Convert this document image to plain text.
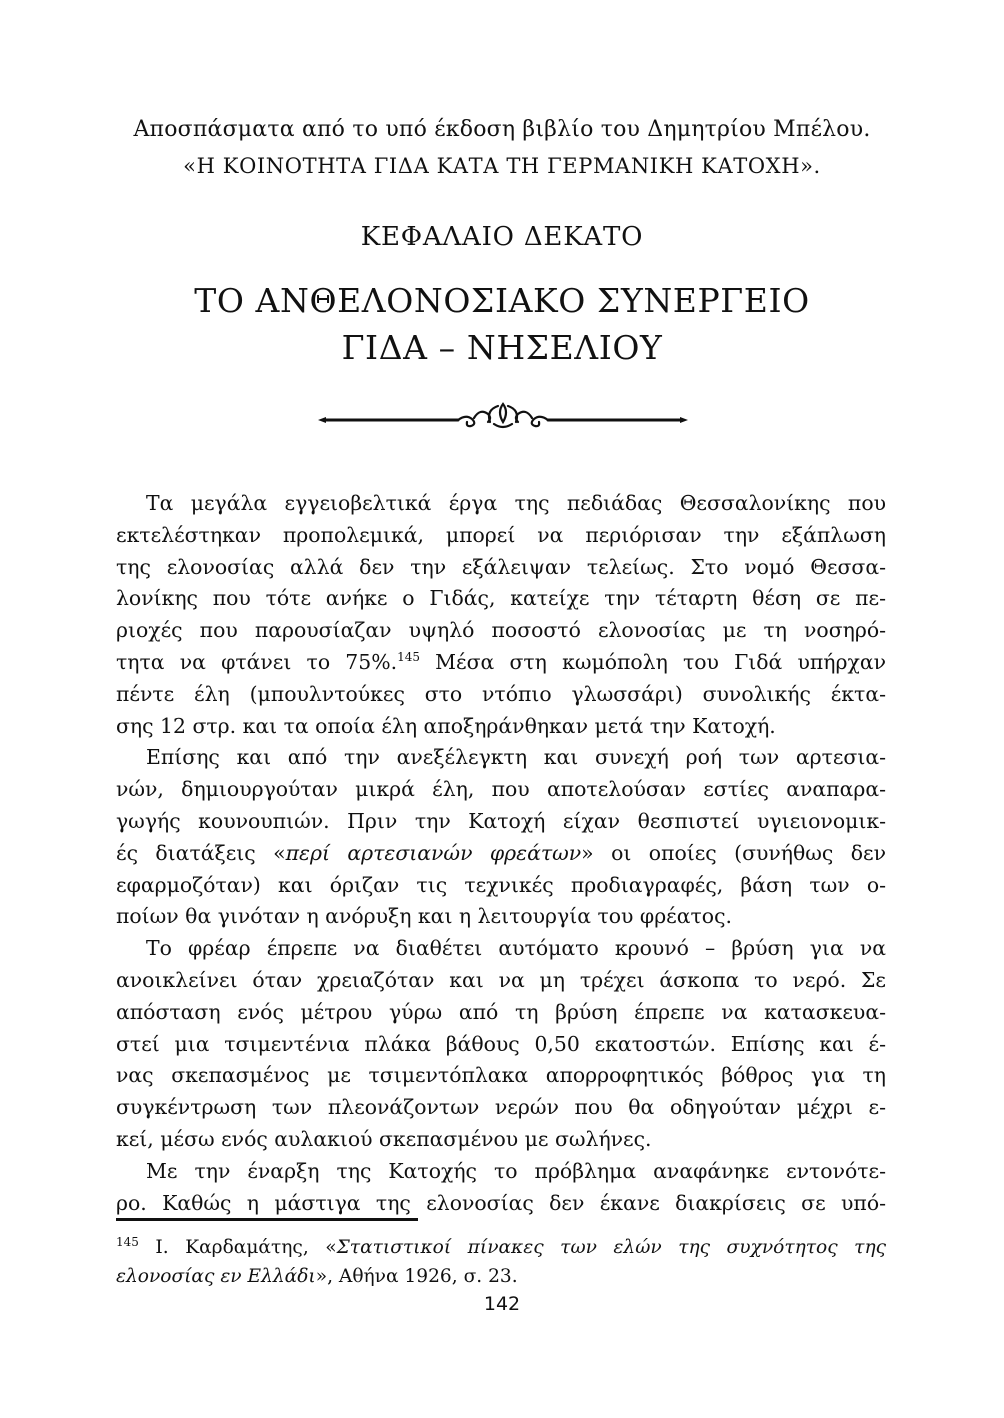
Αποσπάσματα από το υπό έκδοση βιβλίο του Δημητρίου Μπέλου.
«Η ΚΟΙΝΟΤΗΤΑ ΓΙΔΑ ΚΑΤΑ ΤΗ ΓΕΡΜΑΝΙΚΗ ΚΑΤΟΧΗ».
ΚΕΦΑΛΑΙΟ ΔΕΚΑΤΟ
ΤΟ ΑΝΘΕΛΟΝΟΣΙΑΚΟ ΣΥΝΕΡΓΕΙΟ
ΓΙΔΑ – ΝΗΣΕΛΙΟΥ
Τα μεγάλα εγγειοβελτικά έργα της πεδιάδας Θεσσαλονίκης που
εκτελέστηκαν προπολεμικά, μπορεί να περιόρισαν την εξάπλωση
της ελονοσίας αλλά δεν την εξάλειψαν τελείως. Στο νομό Θεσσα-
λονίκης που τότε ανήκε ο Γιδάς, κατείχε την τέταρτη θέση σε πε-
ριοχές που παρουσίαζαν υψηλό ποσοστό ελονοσίας με τη νοσηρό-
τητα να φτάνει το 75%.$^{145}$ Μέσα στη κωμόπολη του Γιδά υπήρχαν
πέντε έλη (μπουλντούκες στο ντόπιο γλωσσάρι) συνολικής έκτα-
σης 12 στρ. και τα οποία έλη αποξηράνθηκαν μετά την Κατοχή.
Επίσης και από την ανεξέλεγκτη και συνεχή ροή των αρτεσια-
νών, δημιουργούταν μικρά έλη, που αποτελούσαν εστίες αναπαρα-
γωγής κουνουπιών. Πριν την Κατοχή είχαν θεσπιστεί υγιειονομικ-
ές διατάξεις «περί αρτεσιανών φρεάτων» οι οποίες (συνήθως δεν
εφαρμοζόταν) και όριζαν τις τεχνικές προδιαγραφές, βάση των ο-
ποίων θα γινόταν η ανόρυξη και η λειτουργία του φρέατος.
Το φρέαρ έπρεπε να διαθέτει αυτόματο κρουνό – βρύση για να
ανοικλείνει όταν χρειαζόταν και να μη τρέχει άσκοπα το νερό. Σε
απόσταση ενός μέτρου γύρω από τη βρύση έπρεπε να κατασκευα-
στεί μια τσιμεντένια πλάκα βάθους 0,50 εκατοστών. Επίσης και έ-
νας σκεπασμένος με τσιμεντόπλακα απορροφητικός βόθρος για τη
συγκέντρωση των πλεονάζοντων νερών που θα οδηγούταν μέχρι ε-
κεί, μέσω ενός αυλακιού σκεπασμένου με σωλήνες.
Με την έναρξη της Κατοχής το πρόβλημα αναφάνηκε εντονότε-
ρο. Καθώς η μάστιγα της ελονοσίας δεν έκανε διακρίσεις σε υπό-
$^{145}$ Ι. Καρδαμάτης, «Στατιστικοί πίνακες των ελών της συχνότητος της
ελονοσίας εν Ελλάδι», Αθήνα 1926, σ. 23.
142
